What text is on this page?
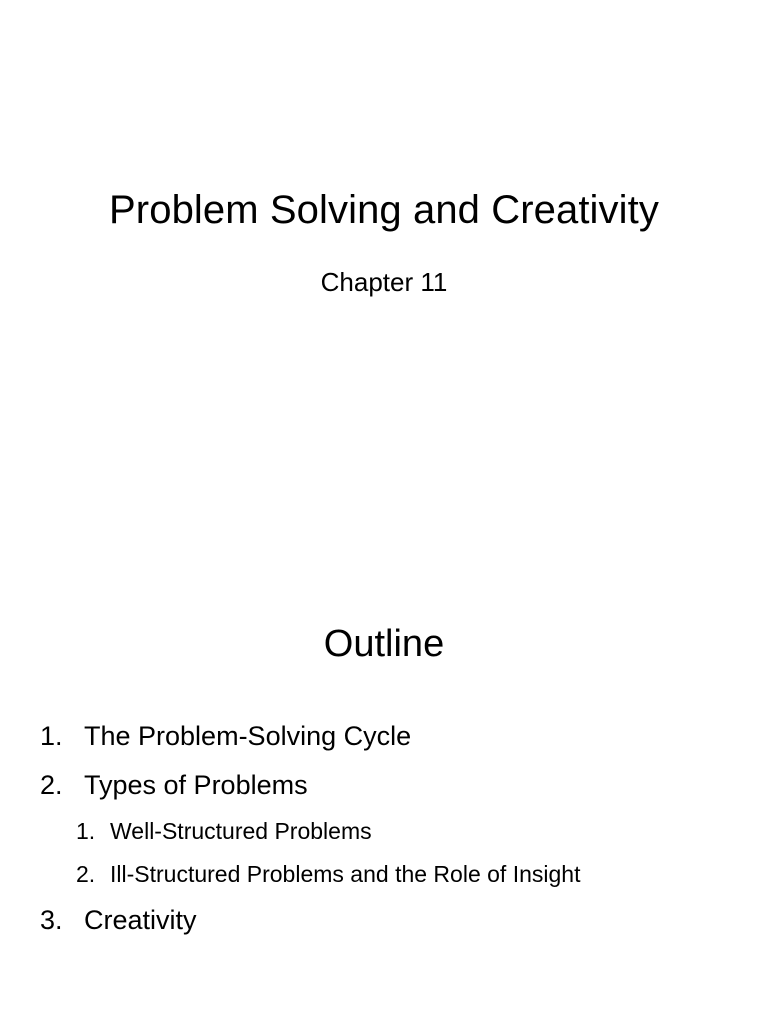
Problem Solving and Creativity
Chapter 11
Outline
1. The Problem-Solving Cycle
2. Types of Problems
1. Well-Structured Problems
2. Ill-Structured Problems and the Role of Insight
3. Creativity
